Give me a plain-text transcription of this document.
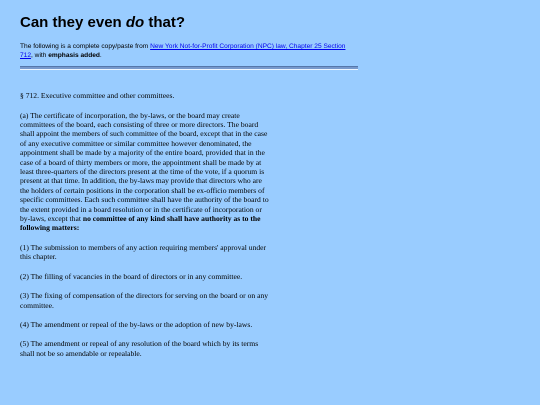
Can they even do that?

The following is a complete copy/paste from New York Not-for-Profit Corporation (NPC) law, Chapter 25 Section 712, with emphasis added.

§ 712. Executive committee and other committees.

(a) The certificate of incorporation, the by-laws, or the board may create committees of the board, each consisting of three or more directors. The board shall appoint the members of such committee of the board, except that in the case of any executive committee or similar committee however denominated, the appointment shall be made by a majority of the entire board, provided that in the case of a board of thirty members or more, the appointment shall be made by at least three-quarters of the directors present at the time of the vote, if a quorum is present at that time. In addition, the by-laws may provide that directors who are the holders of certain positions in the corporation shall be ex-officio members of specific committees. Each such committee shall have the authority of the board to the extent provided in a board resolution or in the certificate of incorporation or by-laws, except that no committee of any kind shall have authority as to the following matters:

(1) The submission to members of any action requiring members' approval under this chapter.

(2) The filling of vacancies in the board of directors or in any committee.

(3) The fixing of compensation of the directors for serving on the board or on any committee.

(4) The amendment or repeal of the by-laws or the adoption of new by-laws.

(5) The amendment or repeal of any resolution of the board which by its terms shall not be so amendable or repealable.
